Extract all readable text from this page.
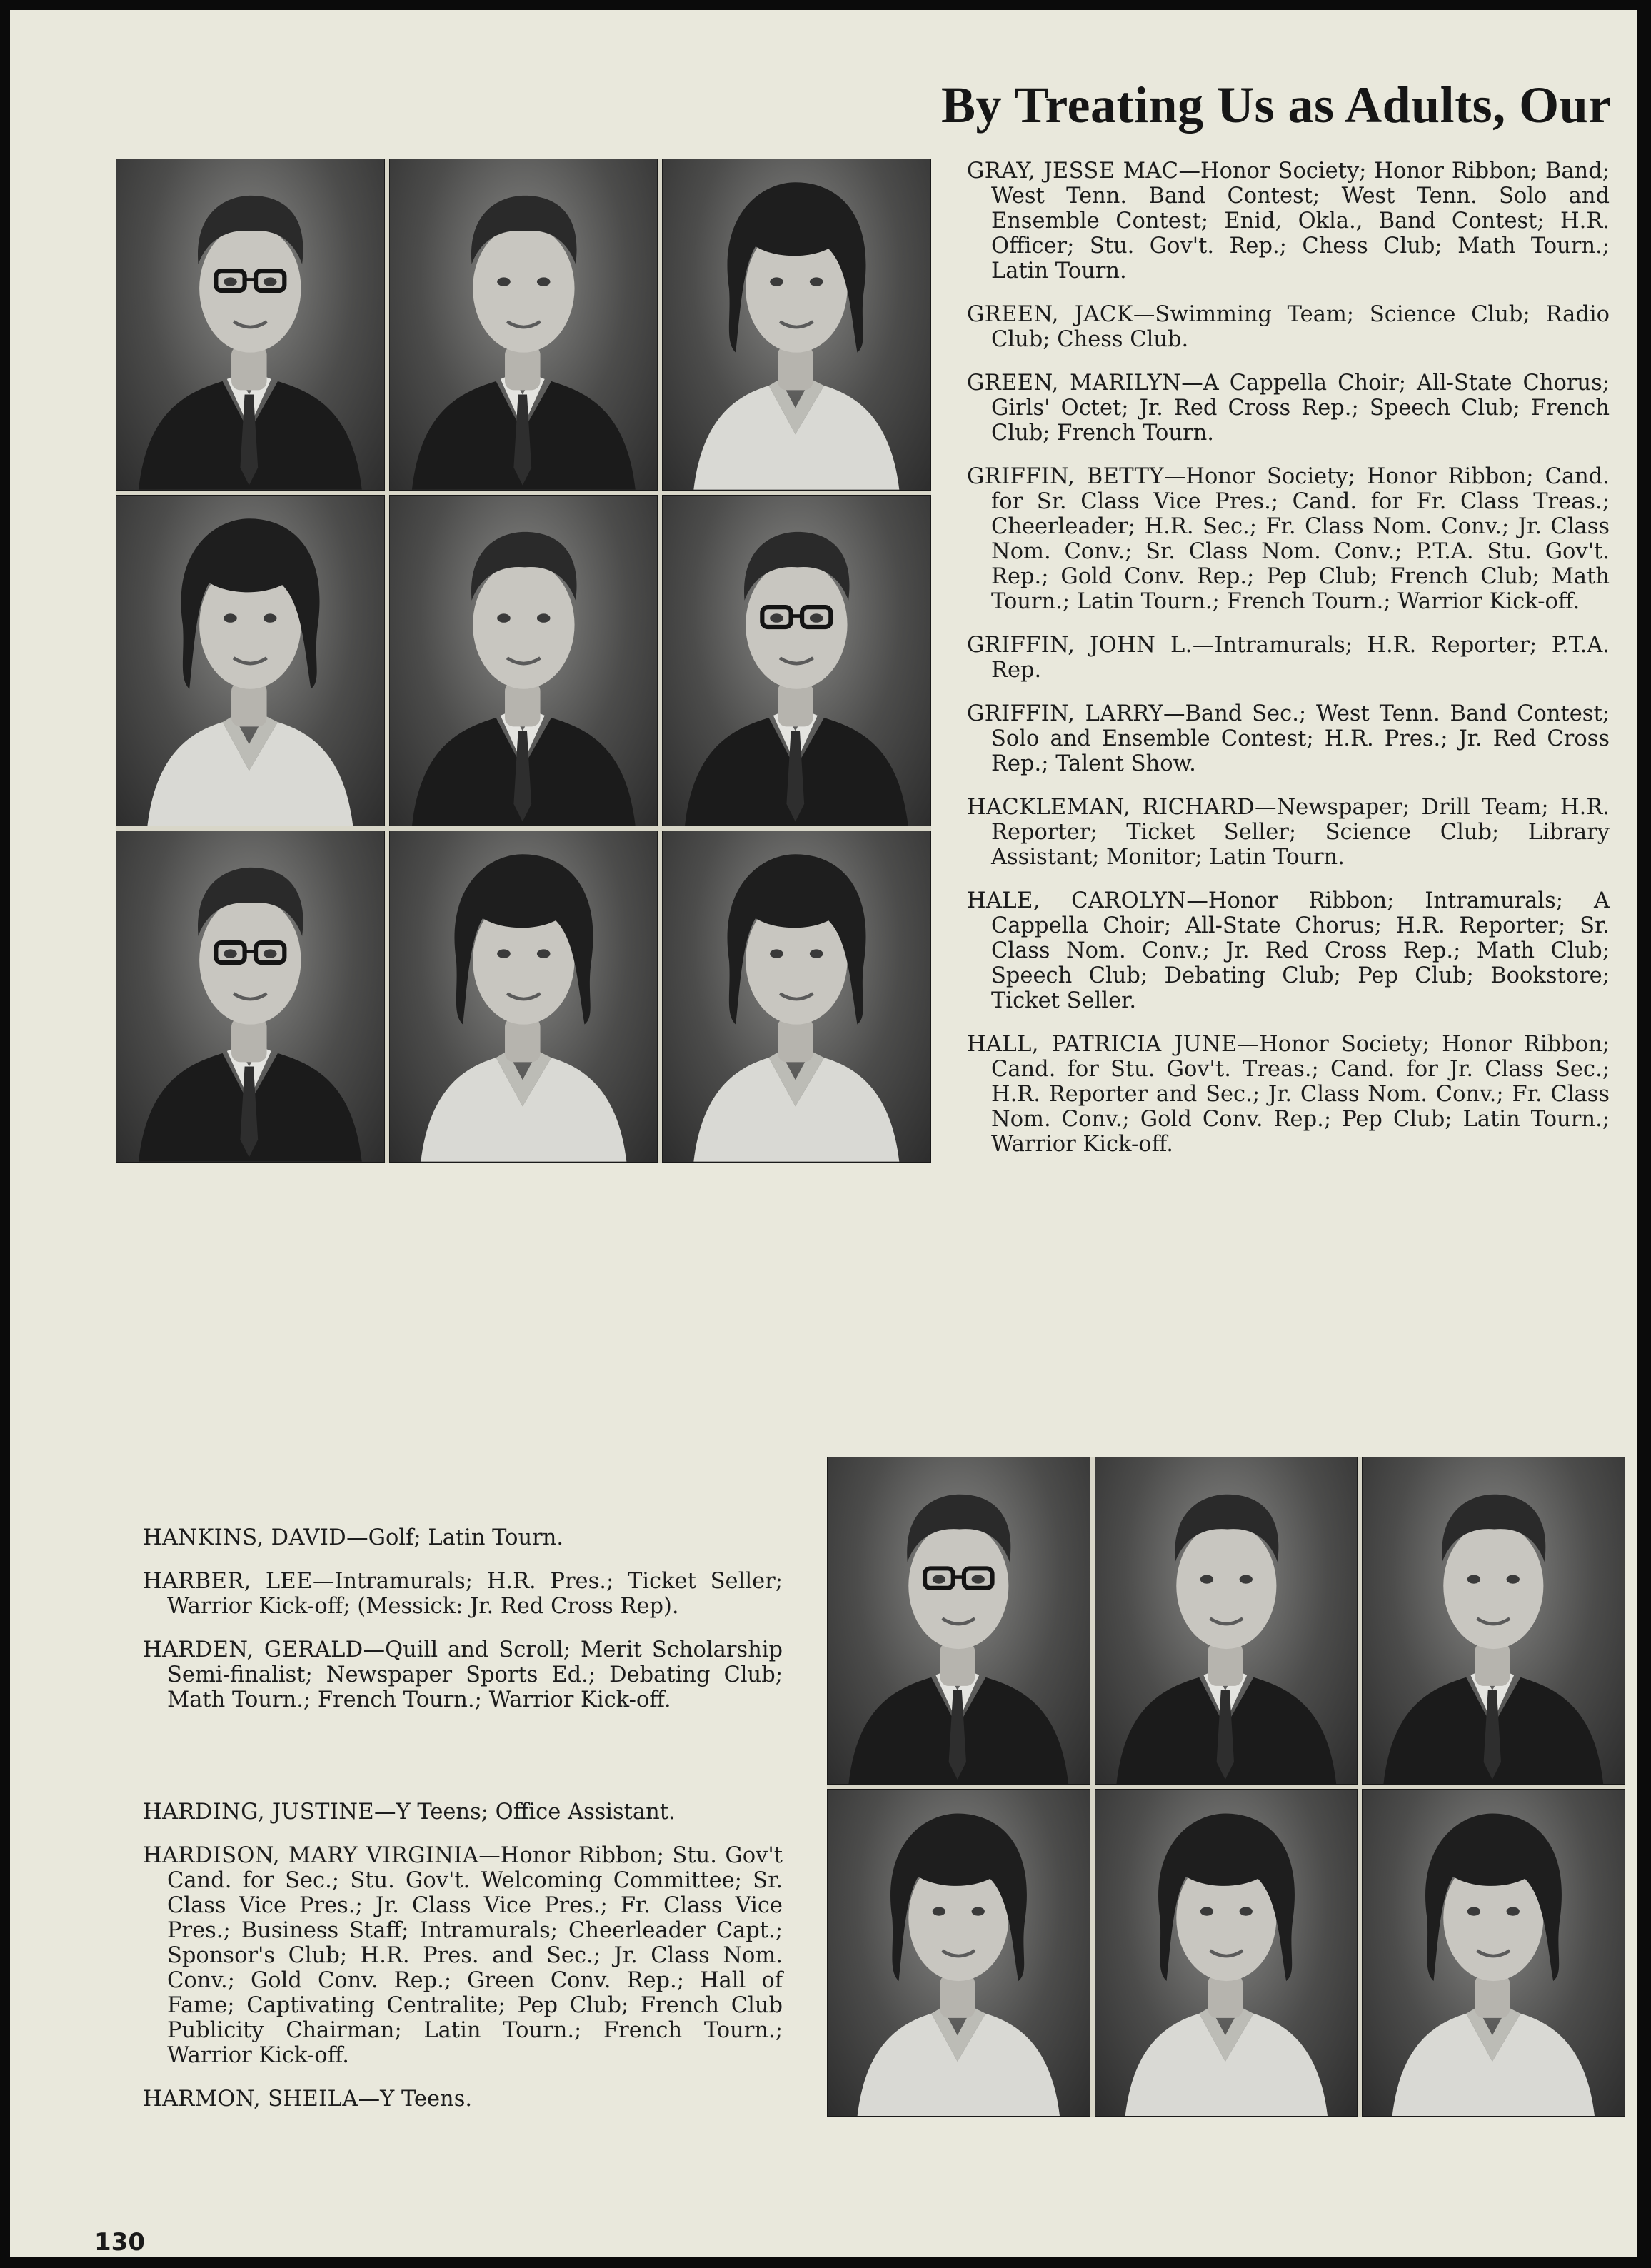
By Treating Us as Adults, Our

GRAY, JESSE MAC—Honor Society; Honor Ribbon; Band; West Tenn. Band Contest; West Tenn. Solo and Ensemble Contest; Enid, Okla., Band Contest; H.R. Officer; Stu. Gov't. Rep.; Chess Club; Math Tourn.; Latin Tourn.

GREEN, JACK—Swimming Team; Science Club; Radio Club; Chess Club.

GREEN, MARILYN—A Cappella Choir; All-State Chorus; Girls' Octet; Jr. Red Cross Rep.; Speech Club; French Club; French Tourn.

GRIFFIN, BETTY—Honor Society; Honor Ribbon; Cand. for Sr. Class Vice Pres.; Cand. for Fr. Class Treas.; Cheerleader; H.R. Sec.; Fr. Class Nom. Conv.; Jr. Class Nom. Conv.; Sr. Class Nom. Conv.; P.T.A. Stu. Gov't. Rep.; Gold Conv. Rep.; Pep Club; French Club; Math Tourn.; Latin Tourn.; French Tourn.; Warrior Kick-off.

GRIFFIN, JOHN L.—Intramurals; H.R. Reporter; P.T.A. Rep.

GRIFFIN, LARRY—Band Sec.; West Tenn. Band Contest; Solo and Ensemble Contest; H.R. Pres.; Jr. Red Cross Rep.; Talent Show.

HACKLEMAN, RICHARD—Newspaper; Drill Team; H.R. Reporter; Ticket Seller; Science Club; Library Assistant; Monitor; Latin Tourn.

HALE, CAROLYN—Honor Ribbon; Intramurals; A Cappella Choir; All-State Chorus; H.R. Reporter; Sr. Class Nom. Conv.; Jr. Red Cross Rep.; Math Club; Speech Club; Debating Club; Pep Club; Bookstore; Ticket Seller.

HALL, PATRICIA JUNE—Honor Society; Honor Ribbon; Cand. for Stu. Gov't. Treas.; Cand. for Jr. Class Sec.; H.R. Reporter and Sec.; Jr. Class Nom. Conv.; Fr. Class Nom. Conv.; Gold Conv. Rep.; Pep Club; Latin Tourn.; Warrior Kick-off.

HANKINS, DAVID—Golf; Latin Tourn.

HARBER, LEE—Intramurals; H.R. Pres.; Ticket Seller; Warrior Kick-off; (Messick: Jr. Red Cross Rep).

HARDEN, GERALD—Quill and Scroll; Merit Scholarship Semi-finalist; Newspaper Sports Ed.; Debating Club; Math Tourn.; French Tourn.; Warrior Kick-off.

HARDING, JUSTINE—Y Teens; Office Assistant.

HARDISON, MARY VIRGINIA—Honor Ribbon; Stu. Gov't Cand. for Sec.; Stu. Gov't. Welcoming Committee; Sr. Class Vice Pres.; Jr. Class Vice Pres.; Fr. Class Vice Pres.; Business Staff; Intramurals; Cheerleader Capt.; Sponsor's Club; H.R. Pres. and Sec.; Jr. Class Nom. Conv.; Gold Conv. Rep.; Green Conv. Rep.; Hall of Fame; Captivating Centralite; Pep Club; French Club Publicity Chairman; Latin Tourn.; French Tourn.; Warrior Kick-off.

HARMON, SHEILA—Y Teens.

130
